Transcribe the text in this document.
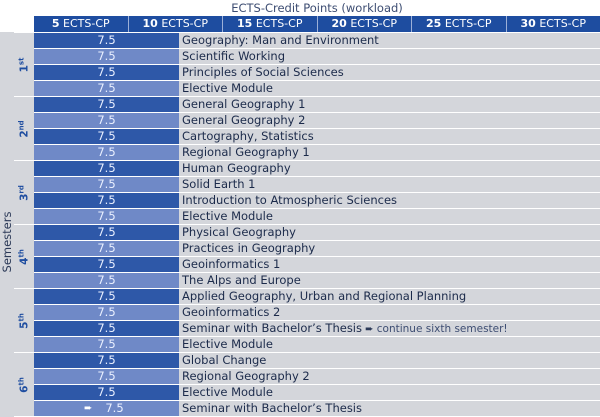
ECTS-Credit Points (workload)
5 ECTS-CP	10 ECTS-CP	15 ECTS-CP	20 ECTS-CP	25 ECTS-CP	30 ECTS-CP
Semesters
1st
2nd
3rd
4th
5th
6th
7.5	Geography: Man and Environment
7.5	Scientific Working
7.5	Principles of Social Sciences
7.5	Elective Module
7.5	General Geography 1
7.5	General Geography 2
7.5	Cartography, Statistics
7.5	Regional Geography 1
7.5	Human Geography
7.5	Solid Earth 1
7.5	Introduction to Atmospheric Sciences
7.5	Elective Module
7.5	Physical Geography
7.5	Practices in Geography
7.5	Geoinformatics 1
7.5	The Alps and Europe
7.5	Applied Geography, Urban and Regional Planning
7.5	Geoinformatics 2
7.5	Seminar with Bachelor’s Thesis ➨ continue sixth semester!
7.5	Elective Module
7.5	Global Change
7.5	Regional Geography 2
7.5	Elective Module
➨ 7.5	Seminar with Bachelor’s Thesis
